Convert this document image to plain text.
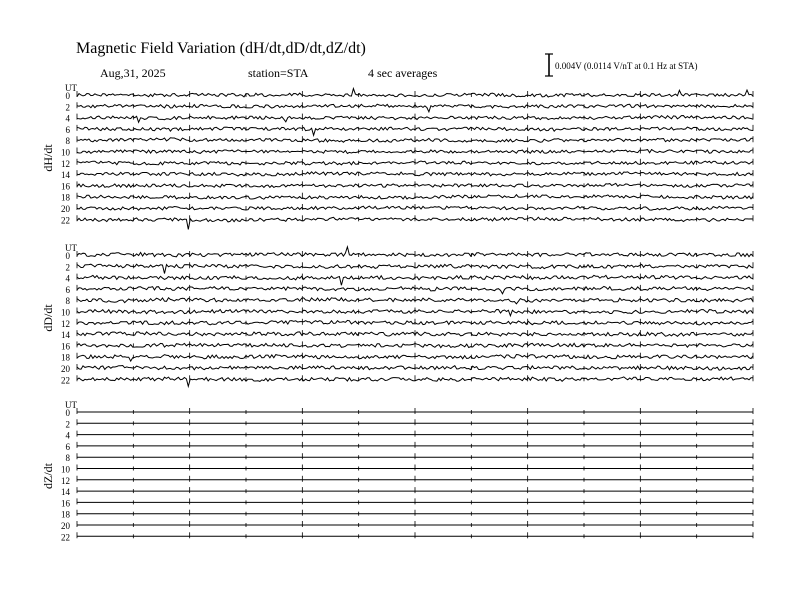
Magnetic Field Variation (dH/dt,dD/dt,dZ/dt)
Aug,31, 2025	station=STA	4 sec averages	0.004V (0.0114 V/nT at 0.1 Hz at STA)
UT
dH/dt
0
2
4
6
8
10
12
14
16
18
20
22
UT
dD/dt
0
2
4
6
8
10
12
14
16
18
20
22
UT
dZ/dt
0
2
4
6
8
10
12
14
16
18
20
22
